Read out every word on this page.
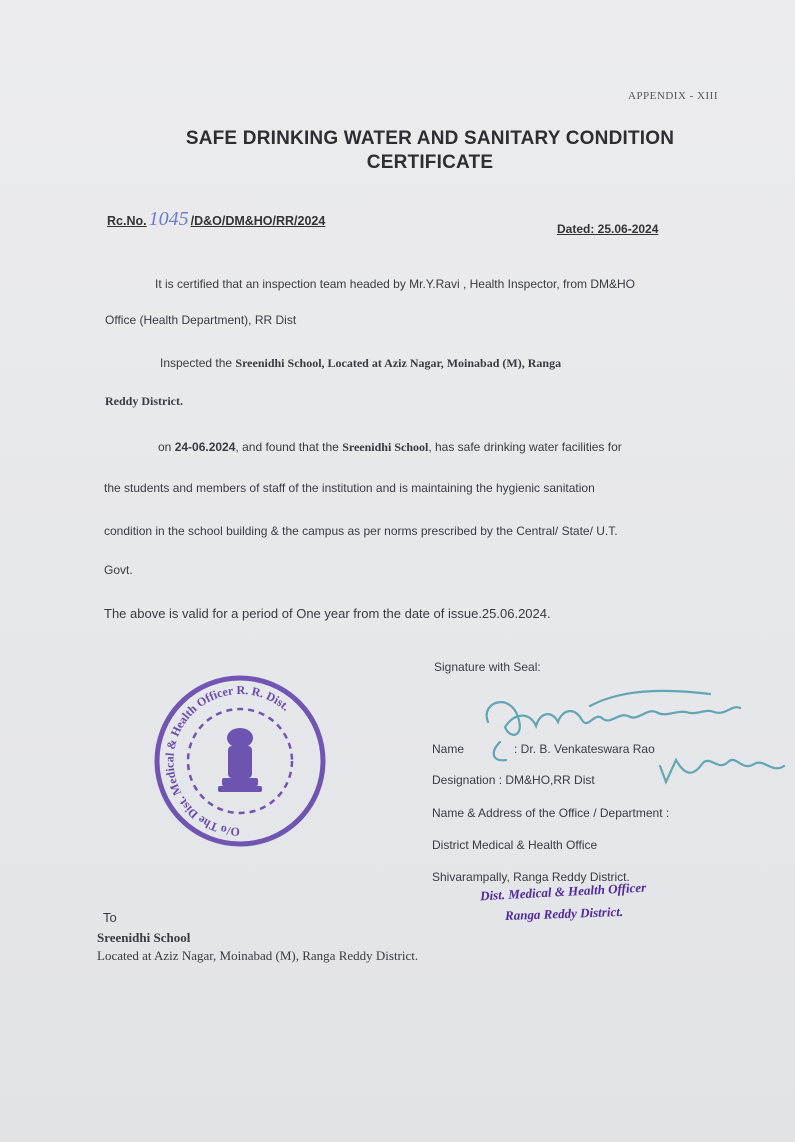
APPENDIX - XIII
SAFE DRINKING WATER AND SANITARY CONDITION
CERTIFICATE
Rc.No. 1045 /D&O/DM&HO/RR/2024
Dated: 25.06-2024
It is certified that an inspection team headed by Mr.Y.Ravi , Health Inspector, from DM&HO
Office (Health Department), RR Dist
Inspected the Sreenidhi School, Located at Aziz Nagar, Moinabad (M), Ranga
Reddy District.
on 24-06.2024, and found that the Sreenidhi School, has safe drinking water facilities for
the students and members of staff of the institution and is maintaining the hygienic sanitation
condition in the school building & the campus as per norms prescribed by the Central/ State/ U.T.
Govt.
The above is valid for a period of One year from the date of issue.25.06.2024.
Signature with Seal:
O/o The Dist. Medical & Health Officer R. R. Dist.
Name	: Dr. B. Venkateswara Rao
Designation : DM&HO,RR Dist
Name & Address of the Office / Department :
District Medical & Health Office
Shivarampally, Ranga Reddy District.
Dist. Medical & Health Officer
Ranga Reddy District.
To
Sreenidhi School
Located at Aziz Nagar, Moinabad (M), Ranga Reddy District.
